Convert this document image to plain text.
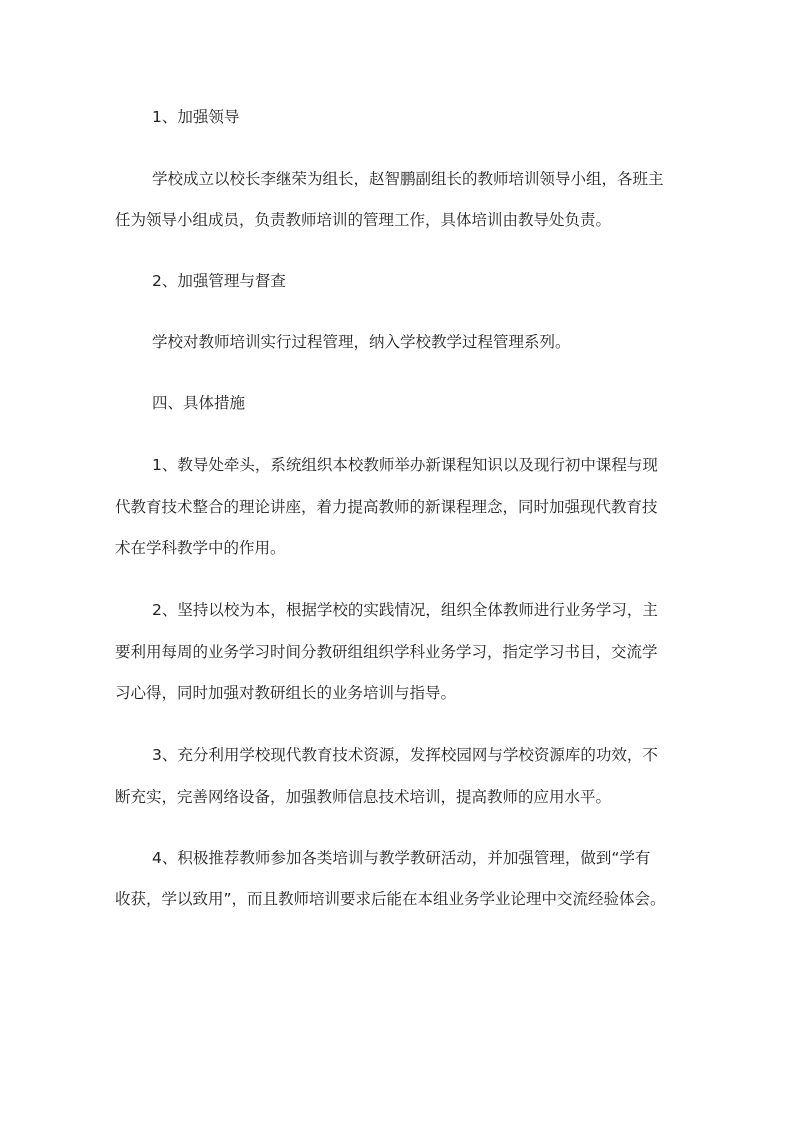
1、加强领导
学校成立以校长李继荣为组长，赵智鹏副组长的教师培训领导小组，各班主
任为领导小组成员，负责教师培训的管理工作，具体培训由教导处负责。
2、加强管理与督查
学校对教师培训实行过程管理，纳入学校教学过程管理系列。
四、具体措施
1、教导处牵头，系统组织本校教师举办新课程知识以及现行初中课程与现
代教育技术整合的理论讲座，着力提高教师的新课程理念，同时加强现代教育技
术在学科教学中的作用。
2、坚持以校为本，根据学校的实践情况，组织全体教师进行业务学习，主
要利用每周的业务学习时间分教研组组织学科业务学习，指定学习书目，交流学
习心得，同时加强对教研组长的业务培训与指导。
3、充分利用学校现代教育技术资源，发挥校园网与学校资源库的功效，不
断充实，完善网络设备，加强教师信息技术培训，提高教师的应用水平。
4、积极推荐教师参加各类培训与教学教研活动，并加强管理，做到“学有
收获，学以致用”，而且教师培训要求后能在本组业务学业论理中交流经验体会。
